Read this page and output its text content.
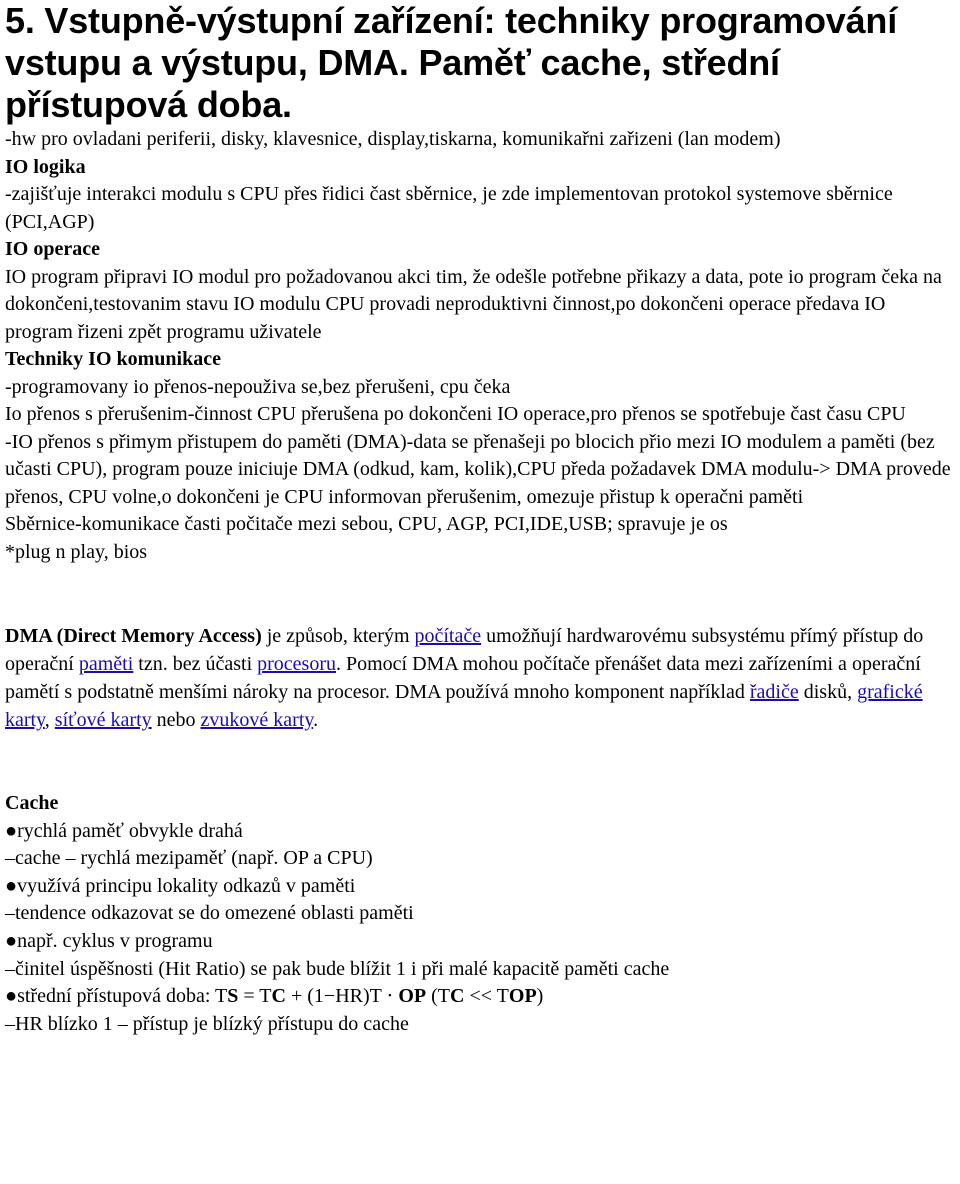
5. Vstupně-výstupní zařízení: techniky programování vstupu a výstupu, DMA. Paměť cache, střední přístupová doba.
-hw pro ovladani periferii, disky, klavesnice, display,tiskarna, komunikařni zařizeni (lan modem)
IO logika
-zajišťuje interakci modulu s CPU přes řidici čast sběrnice, je zde implementovan protokol systemove sběrnice (PCI,AGP)
IO operace
IO program připravi IO modul pro požadovanou akci tim, že odešle potřebne přikazy a data, pote io program čeka na dokončeni,testovanim stavu IO modulu CPU provadi neproduktivni činnost,po dokončeni operace předava IO program řizeni zpět programu uživatele
Techniky IO komunikace
-programovany io přenos-nepouživa se,bez přerušeni, cpu čeka
Io přenos s přerušenim-činnost CPU přerušena po dokončeni IO operace,pro přenos se spotřebuje čast času CPU
-IO přenos s přimym přistupem do paměti (DMA)-data se přenašeji po blocich přio mezi IO modulem a paměti (bez učasti CPU), program pouze iniciuje DMA (odkud, kam, kolik),CPU předa požadavek DMA modulu-> DMA provede přenos, CPU volne,o dokončeni je CPU informovan přerušenim, omezuje přistup k operačni paměti
Sběrnice-komunikace časti počitače mezi sebou, CPU, AGP, PCI,IDE,USB; spravuje je os
*plug n play, bios
DMA (Direct Memory Access) je způsob, kterým počítače umožňují hardwarovému subsystému přímý přístup do operační paměti tzn. bez účasti procesoru. Pomocí DMA mohou počítače přenášet data mezi zařízeními a operační pamětí s podstatně menšími nároky na procesor. DMA používá mnoho komponent například řadiče disků, grafické karty, síťové karty nebo zvukové karty.
Cache
●rychlá paměť obvykle drahá
–cache – rychlá mezipaměť (např. OP a CPU)
●využívá principu lokality odkazů v paměti
–tendence odkazovat se do omezené oblasti paměti
●např. cyklus v programu
–činitel úspěšnosti (Hit Ratio) se pak bude blížit 1 i při malé kapacitě paměti cache
●střední přístupová doba: TS = TC + (1−HR)T ⋅ OP (TC << TOP)
–HR blízko 1 – přístup je blízký přístupu do cache
